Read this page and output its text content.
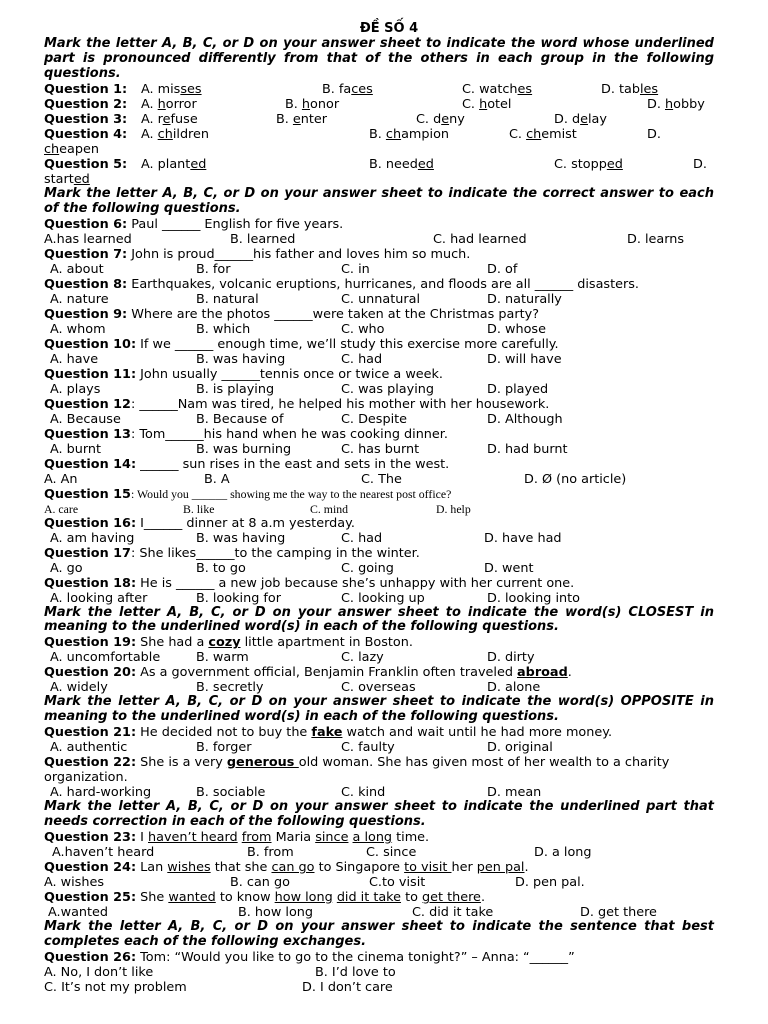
ĐỀ SỐ 4
Mark the letter A, B, C, or D on your answer sheet to indicate the word whose underlined part is pronounced differently from that of the others in each group in the following questions.
Question 1: A. misses	B. faces	C. watches	D. tables
Question 2: A. horror	B. honor	C. hotel	D. hobby
Question 3: A. refuse	B. enter	C. deny	D. delay
Question 4: A. children	B. champion	C. chemist	D.
cheapen
Question 5: A. planted	B. needed	C. stopped	D.
started
Mark the letter A, B, C, or D on your answer sheet to indicate the correct answer to each of the following questions.
Question 6: Paul ______ English for five years.
A.has learned	B. learned	C. had learned	D. learns
Question 7: John is proud______his father and loves him so much.
A. about	B. for	C. in	D. of
Question 8: Earthquakes, volcanic eruptions, hurricanes, and floods are all ______ disasters.
A. nature	B. natural	C. unnatural	D. naturally
Question 9: Where are the photos ______were taken at the Christmas party?
A. whom	B. which	C. who	D. whose
Question 10: If we ______ enough time, we’ll study this exercise more carefully.
A. have	B. was having	C. had	D. will have
Question 11: John usually ______tennis once or twice a week.
A. plays	B. is playing	C. was playing	D. played
Question 12: ______Nam was tired, he helped his mother with her housework.
A. Because	B. Because of	C. Despite	D. Although
Question 13: Tom______his hand when he was cooking dinner.
A. burnt	B. was burning	C. has burnt	D. had burnt
Question 14: ______ sun rises in the east and sets in the west.
A. An	B. A	C. The	D. Ø (no article)
Question 15: Would you ______ showing me the way to the nearest post office?
A. care	B. like	C. mind	D. help
Question 16: I______ dinner at 8 a.m yesterday.
A. am having	B. was having	C. had	D. have had
Question 17: She likes______to the camping in the winter.
A. go	B. to go	C. going	D. went
Question 18: He is ______ a new job because she’s unhappy with her current one.
A. looking after	B. looking for	C. looking up	D. looking into
Mark the letter A, B, C, or D on your answer sheet to indicate the word(s) CLOSEST in meaning to the underlined word(s) in each of the following questions.
Question 19: She had a cozy little apartment in Boston.
A. uncomfortable	B. warm	C. lazy	D. dirty
Question 20: As a government official, Benjamin Franklin often traveled abroad.
A. widely	B. secretly	C. overseas	D. alone
Mark the letter A, B, C, or D on your answer sheet to indicate the word(s) OPPOSITE in meaning to the underlined word(s) in each of the following questions.
Question 21: He decided not to buy the fake watch and wait until he had more money.
A. authentic	B. forger	C. faulty	D. original
Question 22: She is a very generous old woman. She has given most of her wealth to a charity organization.
A. hard-working	B. sociable	C. kind	D. mean
Mark the letter A, B, C, or D on your answer sheet to indicate the underlined part that needs correction in each of the following questions.
Question 23: I haven’t heard from Maria since a long time.
A.haven’t heard	B. from	C. since	D. a long
Question 24: Lan wishes that she can go to Singapore to visit her pen pal.
A. wishes	B. can go	C.to visit	D. pen pal.
Question 25: She wanted to know how long did it take to get there.
A.wanted	B. how long	C. did it take	D. get there
Mark the letter A, B, C, or D on your answer sheet to indicate the sentence that best completes each of the following exchanges.
Question 26: Tom: “Would you like to go to the cinema tonight?” – Anna: “______”
A. No, I don’t like	B. I’d love to
C. It’s not my problem	D. I don’t care
